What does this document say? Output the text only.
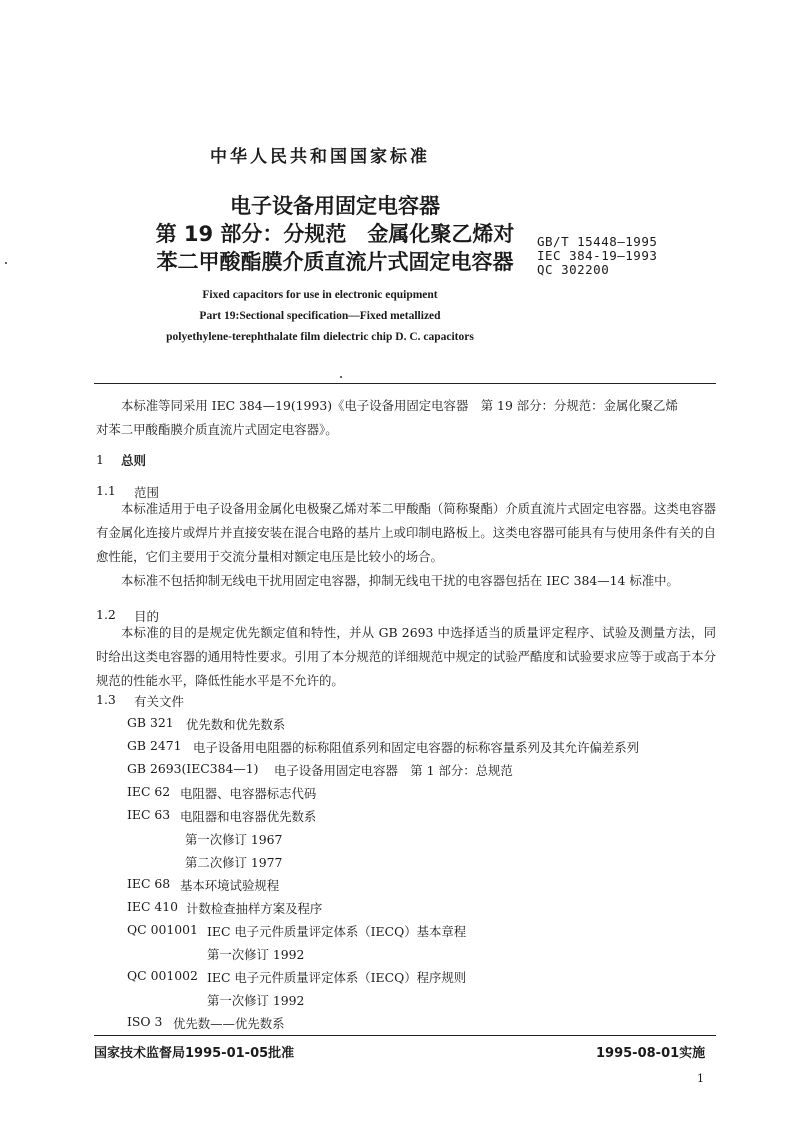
中华人民共和国国家标准
电子设备用固定电容器
第 19 部分：分规范　金属化聚乙烯对
苯二甲酸酯膜介质直流片式固定电容器
GB/T 15448—1995
IEC 384-19—1993
QC 302200
Fixed capacitors for use in electronic equipment
Part 19:Sectional specification—Fixed metallized
polyethylene-terephthalate film dielectric chip D. C. capacitors
本标准等同采用 IEC 384—19(1993)《电子设备用固定电容器　第 19 部分：分规范：金属化聚乙烯
对苯二甲酸酯膜介质直流片式固定电容器》。
1 总则
1.1 范围
本标准适用于电子设备用金属化电极聚乙烯对苯二甲酸酯（简称聚酯）介质直流片式固定电容器。这类电容器有金属化连接片或焊片并直接安装在混合电路的基片上或印制电路板上。这类电容器可能具有与使用条件有关的自愈性能，它们主要用于交流分量相对额定电压是比较小的场合。
本标准不包括抑制无线电干扰用固定电容器，抑制无线电干扰的电容器包括在 IEC 384—14 标准中。
1.2 目的
本标准的目的是规定优先额定值和特性，并从 GB 2693 中选择适当的质量评定程序、试验及测量方法，同时给出这类电容器的通用特性要求。引用了本分规范的详细规范中规定的试验严酷度和试验要求应等于或高于本分规范的性能水平，降低性能水平是不允许的。
1.3 有关文件
GB 321 优先数和优先数系
GB 2471 电子设备用电阻器的标称阻值系列和固定电容器的标称容量系列及其允许偏差系列
GB 2693(IEC384—1) 电子设备用固定电容器　第 1 部分：总规范
IEC 62 电阻器、电容器标志代码
IEC 63 电阻器和电容器优先数系
第一次修订 1967
第二次修订 1977
IEC 68 基本环境试验规程
IEC 410 计数检查抽样方案及程序
QC 001001 IEC 电子元件质量评定体系（IECQ）基本章程
第一次修订 1992
QC 001002 IEC 电子元件质量评定体系（IECQ）程序规则
第一次修订 1992
ISO 3 优先数——优先数系
国家技术监督局1995-01-05批准	1995-08-01实施
1
